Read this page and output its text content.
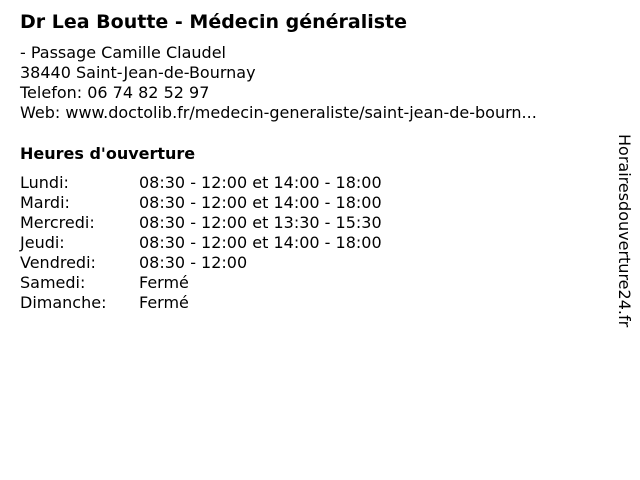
Dr Lea Boutte - Médecin généraliste
- Passage Camille Claudel
38440 Saint-Jean-de-Bournay
Telefon: 06 74 82 52 97
Web: www.doctolib.fr/medecin-generaliste/saint-jean-de-bourn...
Heures d'ouverture
Lundi:	08:30 - 12:00 et 14:00 - 18:00
Mardi:	08:30 - 12:00 et 14:00 - 18:00
Mercredi:	08:30 - 12:00 et 13:30 - 15:30
Jeudi:	08:30 - 12:00 et 14:00 - 18:00
Vendredi:	08:30 - 12:00
Samedi:	Fermé
Dimanche:	Fermé	Horairesdouverture24.fr
